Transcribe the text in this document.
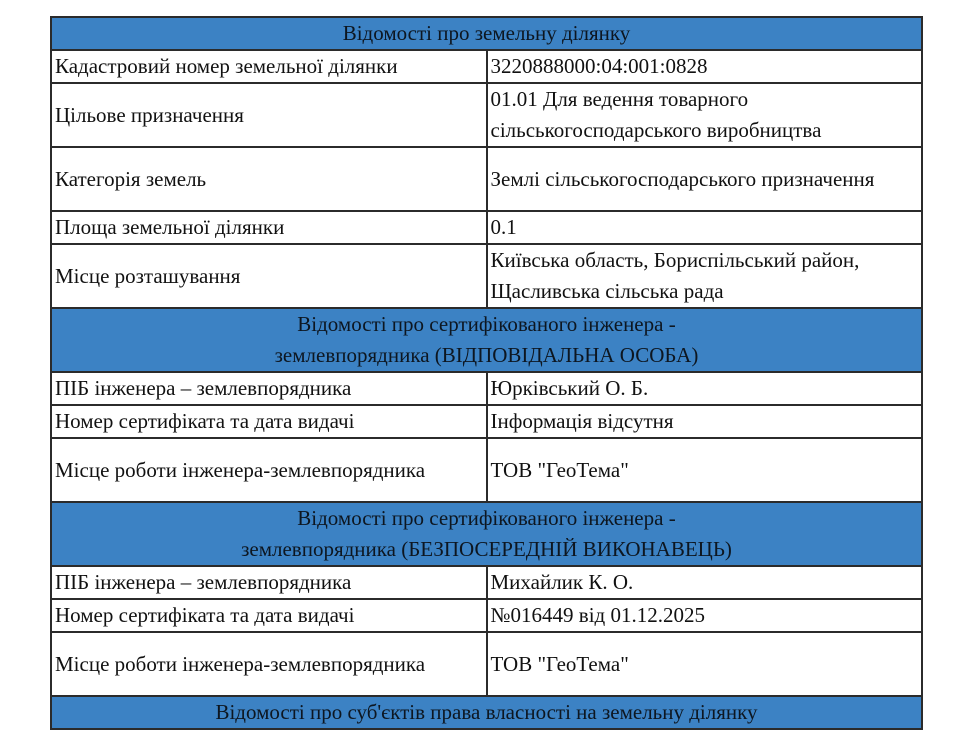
Відомості про земельну ділянку	
Кадастровий номер земельної ділянки	3220888000:04:001:0828
Цільове призначення	01.01 Для ведення товарного сільськогосподарського виробництва
Категорія земель	Землі сільськогосподарського призначення
Площа земельної ділянки	0.1
Місце розташування	Київська область, Бориспільський район, Щасливська сільська рада

Відомості про сертифікованого інженера -
землевпорядника (ВІДПОВІДАЛЬНА ОСОБА)	

ПІБ інженера – землевпорядника	Юрківський О. Б.
Номер сертифіката та дата видачі	Інформація відсутня
Місце роботи інженера-землевпорядника	ТОВ "ГеоТема"

Відомості про сертифікованого інженера -
землевпорядника (БЕЗПОСЕРЕДНІЙ ВИКОНАВЕЦЬ)	

ПІБ інженера – землевпорядника	Михайлик К. О.
Номер сертифіката та дата видачі	№016449 від 01.12.2025
Місце роботи інженера-землевпорядника	ТОВ "ГеоТема"
Відомості про суб'єктів права власності на земельну ділянку	
